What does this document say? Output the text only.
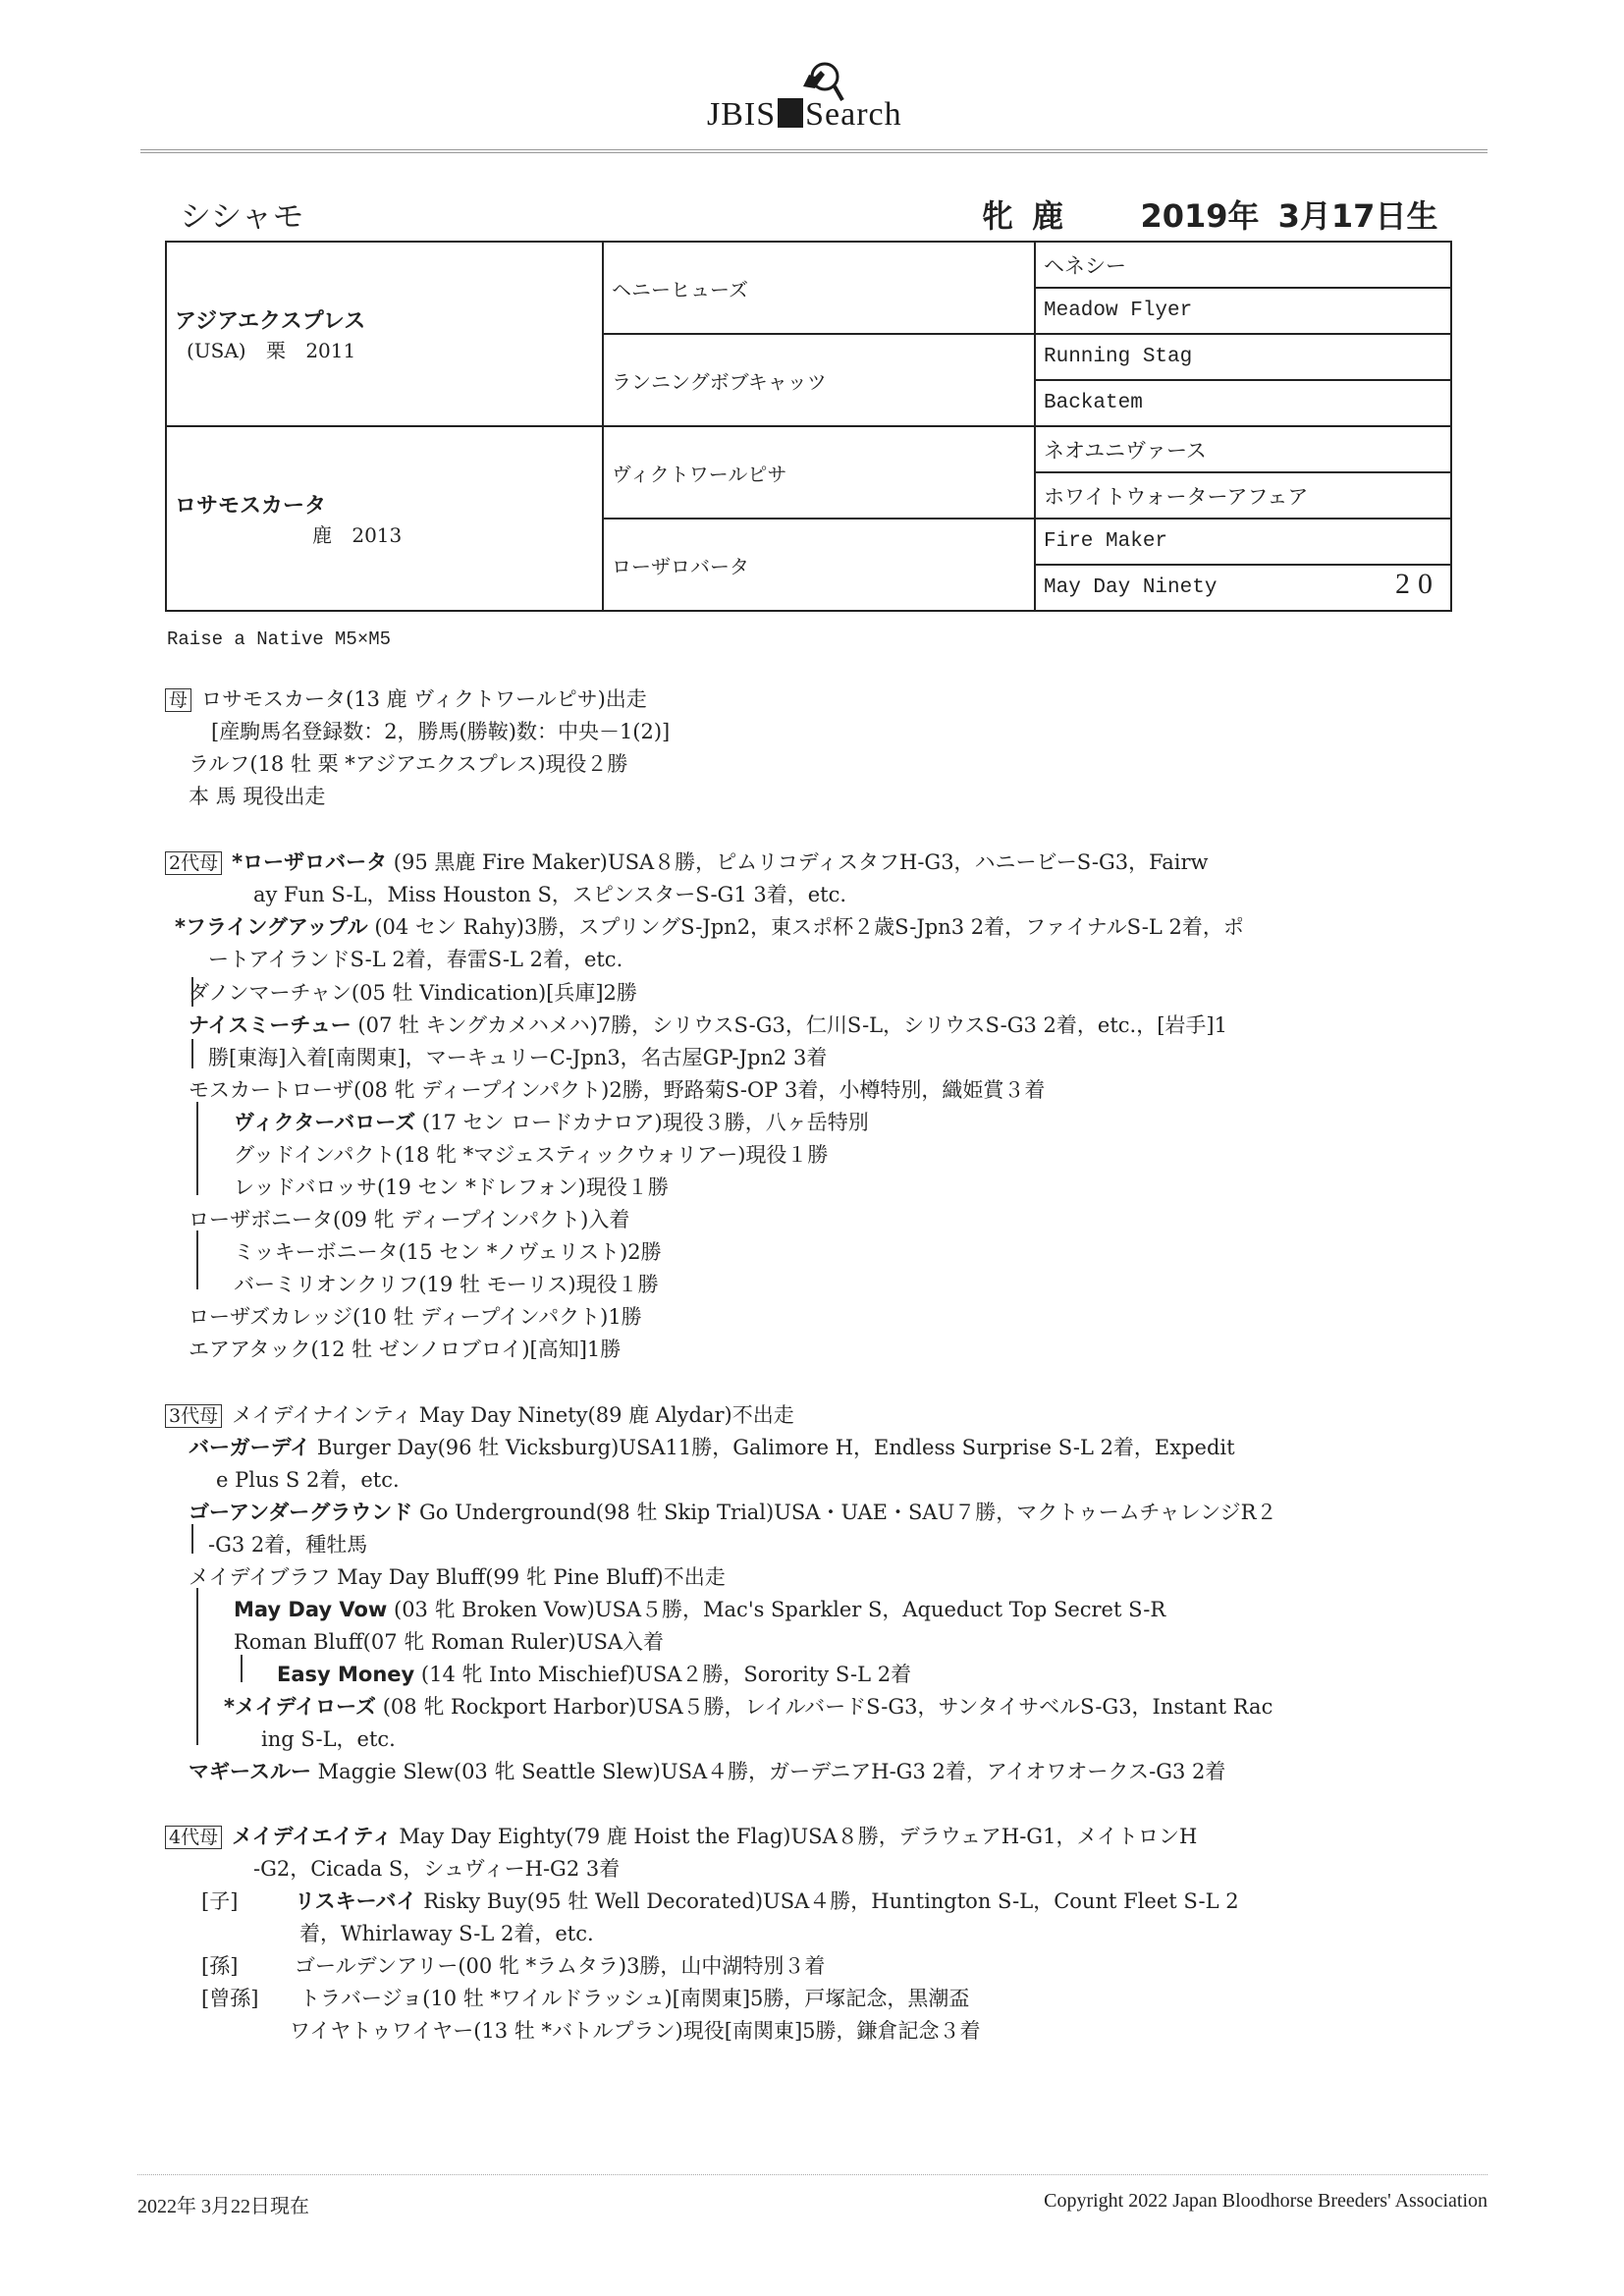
JBIS Search
シシャモ	牝 鹿 2019年 3月17日生
アジアエクスプレス
(USA) 栗 2011	ヘニーヒューズ	ヘネシー
		Meadow Flyer
	ランニングボブキャッツ	Running Stag
		Backatem

ロサモスカータ
鹿 2013	ヴィクトワールピサ	ネオユニヴァース
		ホワイトウォーターアフェア
	ローザロバータ	Fire Maker
		May Day Ninety 20
Raise a Native M5×M5
母 ロサモスカータ(13 鹿 ヴィクトワールピサ)出走
[産駒馬名登録数：2，勝馬(勝鞍)数：中央－1(2)]
ラルフ(18 牡 栗 *アジアエクスプレス)現役２勝
本 馬 現役出走
2代母 *ローザロバータ (95 黒鹿 Fire Maker)USA８勝，ピムリコディスタフH-G3，ハニービーS-G3，Fairw
ay Fun S-L，Miss Houston S，スピンスターS-G1 3着，etc.
*フライングアップル (04 セン Rahy)3勝，スプリングS-Jpn2，東スポ杯２歳S-Jpn3 2着，ファイナルS-L 2着，ポ
ートアイランドS-L 2着，春雷S-L 2着，etc.
ダノンマーチャン(05 牡 Vindication)[兵庫]2勝
ナイスミーチュー (07 牡 キングカメハメハ)7勝，シリウスS-G3，仁川S-L，シリウスS-G3 2着，etc.，[岩手]1
勝[東海]入着[南関東]，マーキュリーC-Jpn3，名古屋GP-Jpn2 3着
モスカートローザ(08 牝 ディープインパクト)2勝，野路菊S-OP 3着，小樽特別，織姫賞３着
ヴィクターバローズ (17 セン ロードカナロア)現役３勝，八ヶ岳特別
グッドインパクト(18 牝 *マジェスティックウォリアー)現役１勝
レッドバロッサ(19 セン *ドレフォン)現役１勝
ローザボニータ(09 牝 ディープインパクト)入着
ミッキーボニータ(15 セン *ノヴェリスト)2勝
バーミリオンクリフ(19 牡 モーリス)現役１勝
ローザズカレッジ(10 牡 ディープインパクト)1勝
エアアタック(12 牡 ゼンノロブロイ)[高知]1勝
3代母 メイデイナインティ May Day Ninety(89 鹿 Alydar)不出走
バーガーデイ Burger Day(96 牡 Vicksburg)USA11勝，Galimore H，Endless Surprise S-L 2着，Expedit
e Plus S 2着，etc.
ゴーアンダーグラウンド Go Underground(98 牡 Skip Trial)USA・UAE・SAU７勝，マクトゥームチャレンジR２
-G3 2着，種牡馬
メイデイブラフ May Day Bluff(99 牝 Pine Bluff)不出走
May Day Vow (03 牝 Broken Vow)USA５勝，Mac's Sparkler S，Aqueduct Top Secret S-R
Roman Bluff(07 牝 Roman Ruler)USA入着
Easy Money (14 牝 Into Mischief)USA２勝，Sorority S-L 2着
*メイデイローズ (08 牝 Rockport Harbor)USA５勝，レイルバードS-G3，サンタイサベルS-G3，Instant Rac
ing S-L，etc.
マギースルー Maggie Slew(03 牝 Seattle Slew)USA４勝，ガーデニアH-G3 2着，アイオワオークス-G3 2着
4代母 メイデイエイティ May Day Eighty(79 鹿 Hoist the Flag)USA８勝，デラウェアH-G1，メイトロンH
-G2，Cicada S，シュヴィーH-G2 3着
[子]	リスキーバイ Risky Buy(95 牡 Well Decorated)USA４勝，Huntington S-L，Count Fleet S-L 2
着，Whirlaway S-L 2着，etc.
[孫]	ゴールデンアリー(00 牝 *ラムタラ)3勝，山中湖特別３着
[曾孫] トラバージョ(10 牡 *ワイルドラッシュ)[南関東]5勝，戸塚記念，黒潮盃
ワイヤトゥワイヤー(13 牡 *バトルプラン)現役[南関東]5勝，鎌倉記念３着
2022年 3月22日現在	Copyright 2022 Japan Bloodhorse Breeders' Association
